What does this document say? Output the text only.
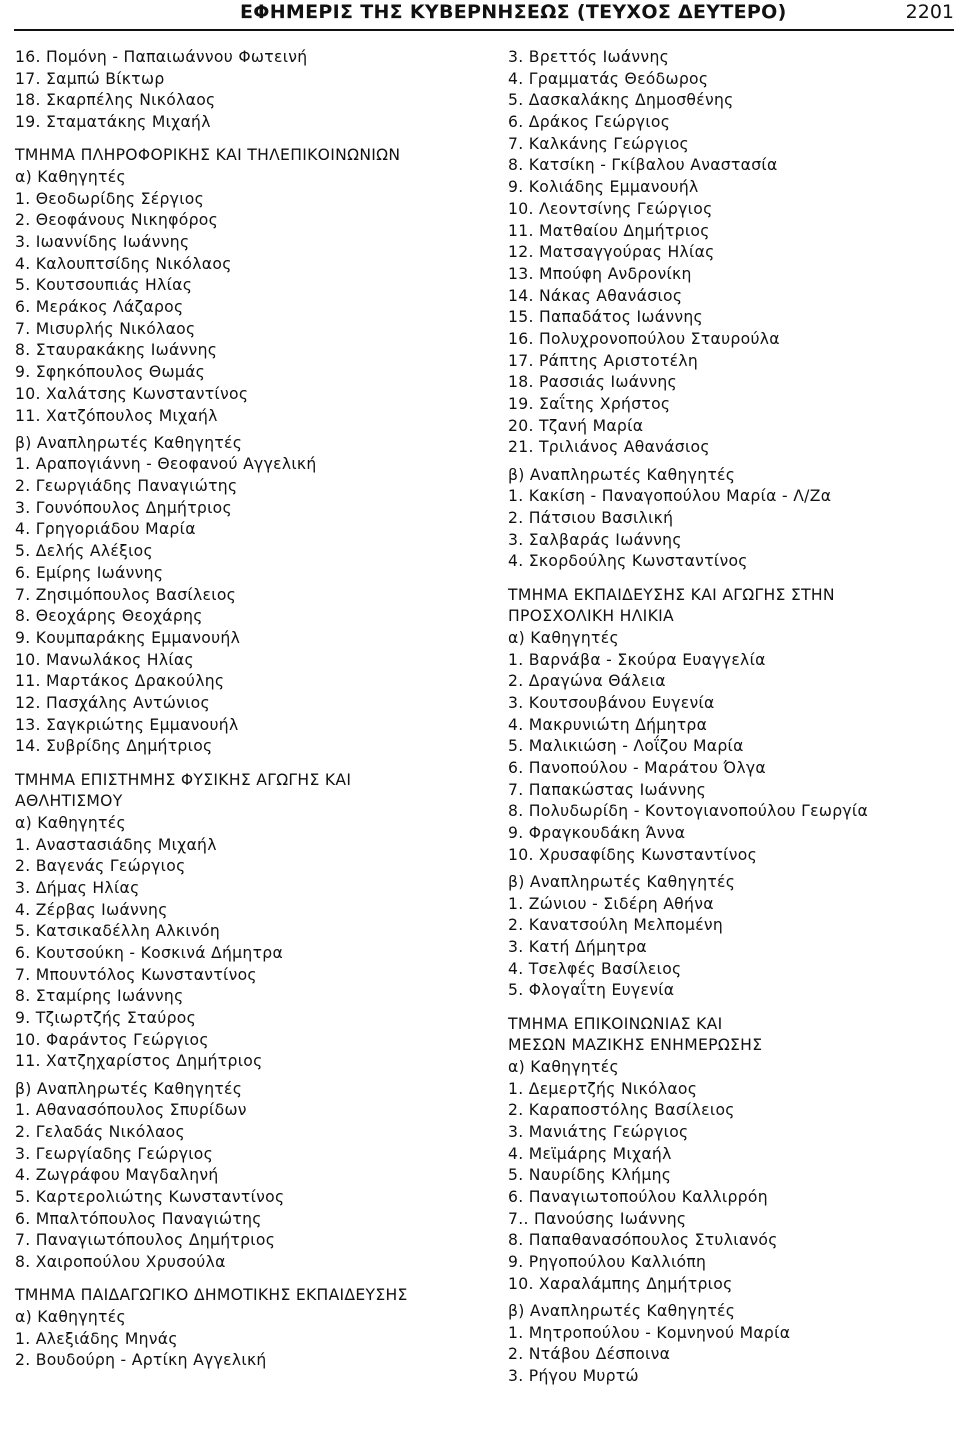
ΕΦΗΜΕΡΙΣ ΤΗΣ ΚΥΒΕΡΝΗΣΕΩΣ (ΤΕΥΧΟΣ ΔΕΥΤΕΡΟ)	2201
16. Πομόνη - Παπαιωάννου Φωτεινή
17. Σαμπώ Βίκτωρ
18. Σκαρπέλης Νικόλαος
19. Σταματάκης Μιχαήλ
ΤΜΗΜΑ ΠΛΗΡΟΦΟΡΙΚΗΣ ΚΑΙ ΤΗΛΕΠΙΚΟΙΝΩΝΙΩΝ
α) Καθηγητές
1. Θεοδωρίδης Σέργιος
2. Θεοφάνους Νικηφόρος
3. Ιωαννίδης Ιωάννης
4. Καλουπτσίδης Νικόλαος
5. Κουτσουπιάς Ηλίας
6. Μεράκος Λάζαρος
7. Μισυρλής Νικόλαος
8. Σταυρακάκης Ιωάννης
9. Σφηκόπουλος Θωμάς
10. Χαλάτσης Κωνσταντίνος
11. Χατζόπουλος Μιχαήλ
β) Αναπληρωτές Καθηγητές
1. Αραπογιάννη - Θεοφανού Αγγελική
2. Γεωργιάδης Παναγιώτης
3. Γουνόπουλος Δημήτριος
4. Γρηγοριάδου Μαρία
5. Δελής Αλέξιος
6. Εμίρης Ιωάννης
7. Ζησιμόπουλος Βασίλειος
8. Θεοχάρης Θεοχάρης
9. Κουμπαράκης Εμμανουήλ
10. Μανωλάκος Ηλίας
11. Μαρτάκος Δρακούλης
12. Πασχάλης Αντώνιος
13. Σαγκριώτης Εμμανουήλ
14. Συβρίδης Δημήτριος
ΤΜΗΜΑ ΕΠΙΣΤΗΜΗΣ ΦΥΣΙΚΗΣ ΑΓΩΓΗΣ ΚΑΙ
ΑΘΛΗΤΙΣΜΟΥ
α) Καθηγητές
1. Αναστασιάδης Μιχαήλ
2. Βαγενάς Γεώργιος
3. Δήμας Ηλίας
4. Ζέρβας Ιωάννης
5. Κατσικαδέλλη Αλκινόη
6. Κουτσούκη - Κοσκινά Δήμητρα
7. Μπουντόλος Κωνσταντίνος
8. Σταμίρης Ιωάννης
9. Τζιωρτζής Σταύρος
10. Φαράντος Γεώργιος
11. Χατζηχαρίστος Δημήτριος
β) Αναπληρωτές Καθηγητές
1. Αθανασόπουλος Σπυρίδων
2. Γελαδάς Νικόλαος
3. Γεωργίαδης Γεώργιος
4. Ζωγράφου Μαγδαληνή
5. Καρτερολιώτης Κωνσταντίνος
6. Μπαλτόπουλος Παναγιώτης
7. Παναγιωτόπουλος Δημήτριος
8. Χαιροπούλου Χρυσούλα
ΤΜΗΜΑ ΠΑΙΔΑΓΩΓΙΚΟ ΔΗΜΟΤΙΚΗΣ ΕΚΠΑΙΔΕΥΣΗΣ
α) Καθηγητές
1. Αλεξιάδης Μηνάς
2. Βουδούρη - Αρτίκη Αγγελική
3. Βρεττός Ιωάννης
4. Γραμματάς Θεόδωρος
5. Δασκαλάκης Δημοσθένης
6. Δράκος Γεώργιος
7. Καλκάνης Γεώργιος
8. Κατσίκη - Γκίβαλου Αναστασία
9. Κολιάδης Εμμανουήλ
10. Λεοντσίνης Γεώργιος
11. Ματθαίου Δημήτριος
12. Ματσαγγούρας Ηλίας
13. Μπούφη Ανδρονίκη
14. Νάκας Αθανάσιος
15. Παπαδάτος Ιωάννης
16. Πολυχρονοπούλου Σταυρούλα
17. Ράπτης Αριστοτέλη
18. Ρασσιάς Ιωάννης
19. Σαΐτης Χρήστος
20. Τζανή Μαρία
21. Τριλιάνος Αθανάσιος
β) Αναπληρωτές Καθηγητές
1. Κακίση - Παναγοπούλου Μαρία - Λ/Ζα
2. Πάτσιου Βασιλική
3. Σαλβαράς Ιωάννης
4. Σκορδούλης Κωνσταντίνος
ΤΜΗΜΑ ΕΚΠΑΙΔΕΥΣΗΣ ΚΑΙ ΑΓΩΓΗΣ ΣΤΗΝ
ΠΡΟΣΧΟΛΙΚΗ ΗΛΙΚΙΑ
α) Καθηγητές
1. Βαρνάβα - Σκούρα Ευαγγελία
2. Δραγώνα Θάλεια
3. Κουτσουβάνου Ευγενία
4. Μακρυνιώτη Δήμητρα
5. Μαλικιώση - Λοΐζου Μαρία
6. Πανοπούλου - Μαράτου Όλγα
7. Παπακώστας Ιωάννης
8. Πολυδωρίδη - Κοντογιανοπούλου Γεωργία
9. Φραγκουδάκη Άννα
10. Χρυσαφίδης Κωνσταντίνος
β) Αναπληρωτές Καθηγητές
1. Ζώνιου - Σιδέρη Αθήνα
2. Κανατσούλη Μελπομένη
3. Κατή Δήμητρα
4. Τσελφές Βασίλειος
5. Φλογαΐτη Ευγενία
ΤΜΗΜΑ ΕΠΙΚΟΙΝΩΝΙΑΣ ΚΑΙ
ΜΕΣΩΝ ΜΑΖΙΚΗΣ ΕΝΗΜΕΡΩΣΗΣ
α) Καθηγητές
1. Δεμερτζής Νικόλαος
2. Καραποστόλης Βασίλειος
3. Μανιάτης Γεώργιος
4. Μεϊμάρης Μιχαήλ
5. Ναυρίδης Κλήμης
6. Παναγιωτοπούλου Καλλιρρόη
7.. Πανούσης Ιωάννης
8. Παπαθανασόπουλος Στυλιανός
9. Ρηγοπούλου Καλλιόπη
10. Χαραλάμπης Δημήτριος
β) Αναπληρωτές Καθηγητές
1. Μητροπούλου - Κομνηνού Μαρία
2. Ντάβου Δέσποινα
3. Ρήγου Μυρτώ
